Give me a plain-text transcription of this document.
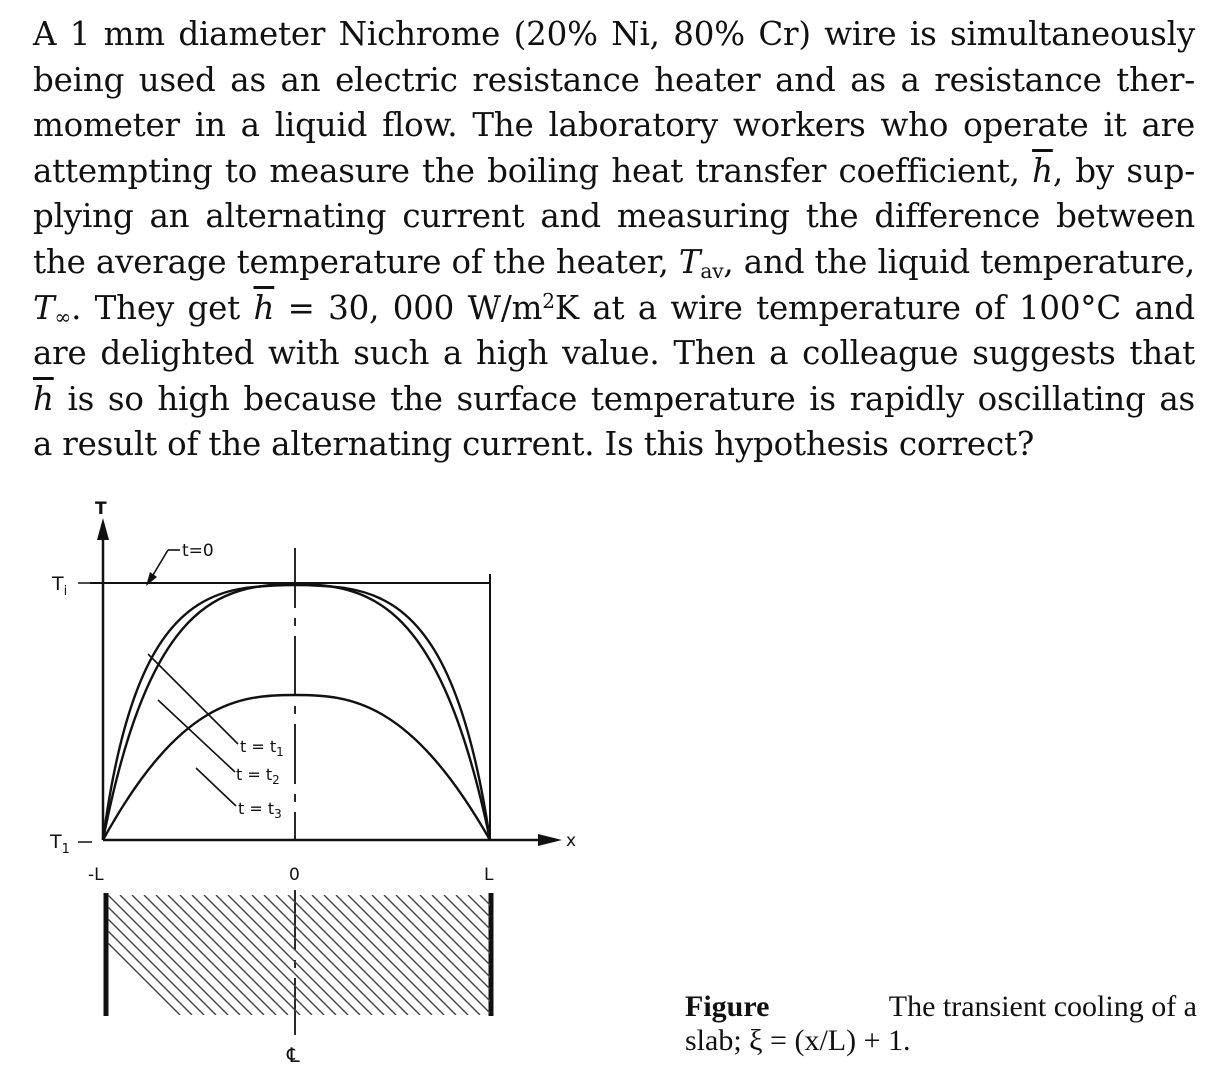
A 1 mm diameter Nichrome (20% Ni, 80% Cr) wire is simultaneously
being used as an electric resistance heater and as a resistance ther-
mometer in a liquid flow. The laboratory workers who operate it are
attempting to measure the boiling heat transfer coefficient, $\overline{h}$, by sup-
plying an alternating current and measuring the difference between
the average temperature of the heater, $T_{av}$, and the liquid temperature,
$T_\infty$. They get $\overline{h} = 30$, 000 $W/m^2K$ at a wire temperature of 100°C and
are delighted with such a high value. Then a colleague suggests that
$\overline{h}$ is so high because the surface temperature is rapidly oscillating as
a result of the alternating current. Is this hypothesis correct?
T
x
$T_i$
$T_1$
t=0
$t = t_1$
$t = t_2$
$t = t_3$
-L	0	L
℄
Figure	The transient cooling of a
slab; ξ = (x/L) + 1.
